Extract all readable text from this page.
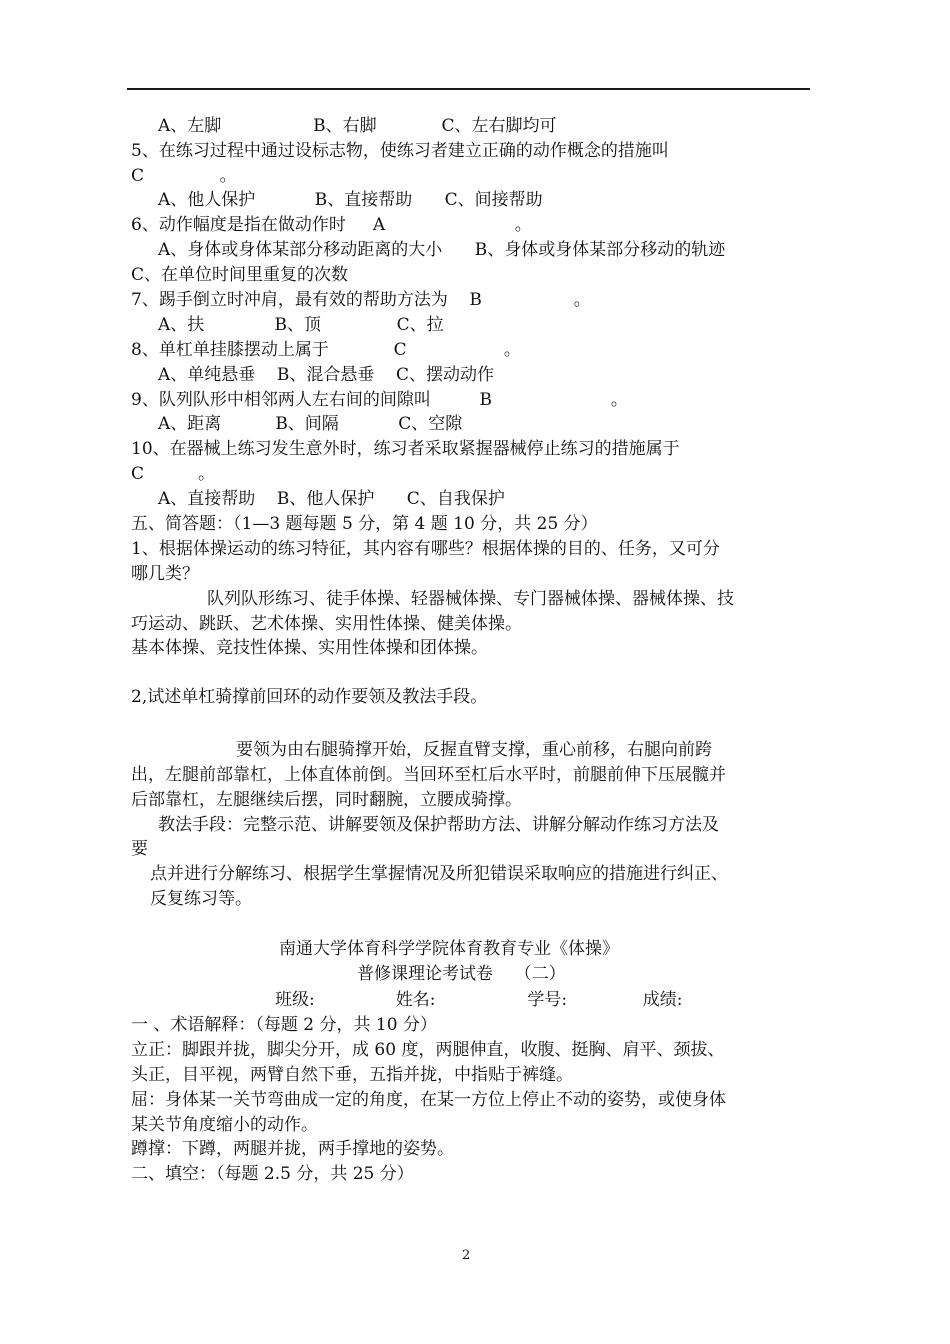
A、左脚                 B、右脚            C、左右脚均可
5、在练习过程中通过设标志物，使练习者建立正确的动作概念的措施叫
C              。
A、他人保护           B、直接帮助      C、间接帮助
6、动作幅度是指在做动作时     A                        。
A、身体或身体某部分移动距离的大小      B、身体或身体某部分移动的轨迹
C、在单位时间里重复的次数
7、踢手倒立时冲肩，最有效的帮助方法为    B                 。
A、扶             B、顶              C、拉
8、单杠单挂膝摆动上属于            C                  。
A、单纯悬垂    B、混合悬垂    C、摆动动作
9、队列队形中相邻两人左右间的间隙叫         B                      。
A、距离          B、间隔           C、空隙
10、在器械上练习发生意外时，练习者采取紧握器械停止练习的措施属于
C          。
A、直接帮助    B、他人保护      C、自我保护
五、简答题：（1—3 题每题 5 分，第 4 题 10 分，共 25 分）
1、根据体操运动的练习特征，其内容有哪些？根据体操的目的、任务，又可分
哪几类？
队列队形练习、徒手体操、轻器械体操、专门器械体操、器械体操、技
巧运动、跳跃、艺术体操、实用性体操、健美体操。
基本体操、竞技性体操、实用性体操和团体操。
2,试述单杠骑撑前回环的动作要领及教法手段。
要领为由右腿骑撑开始，反握直臂支撑，重心前移，右腿向前跨
出，左腿前部靠杠，上体直体前倒。当回环至杠后水平时，前腿前伸下压展髋并
后部靠杠，左腿继续后摆，同时翻腕，立腰成骑撑。
教法手段：完整示范、讲解要领及保护帮助方法、讲解分解动作练习方法及
要
点并进行分解练习、根据学生掌握情况及所犯错误采取响应的措施进行纠正、
反复练习等。
南通大学体育科学学院体育教育专业《体操》
普修课理论考试卷    （二）
班级:               姓名:                 学号:              成绩:
一 、术语解释：（每题 2 分，共 10 分）
立正：脚跟并拢，脚尖分开，成 60 度，两腿伸直，收腹、挺胸、肩平、颈拔、
头正，目平视，两臂自然下垂，五指并拢，中指贴于裤缝。
屈：身体某一关节弯曲成一定的角度，在某一方位上停止不动的姿势，或使身体
某关节角度缩小的动作。
蹲撑：下蹲，两腿并拢，两手撑地的姿势。
二、填空：（每题 2.5 分，共 25 分）
2
